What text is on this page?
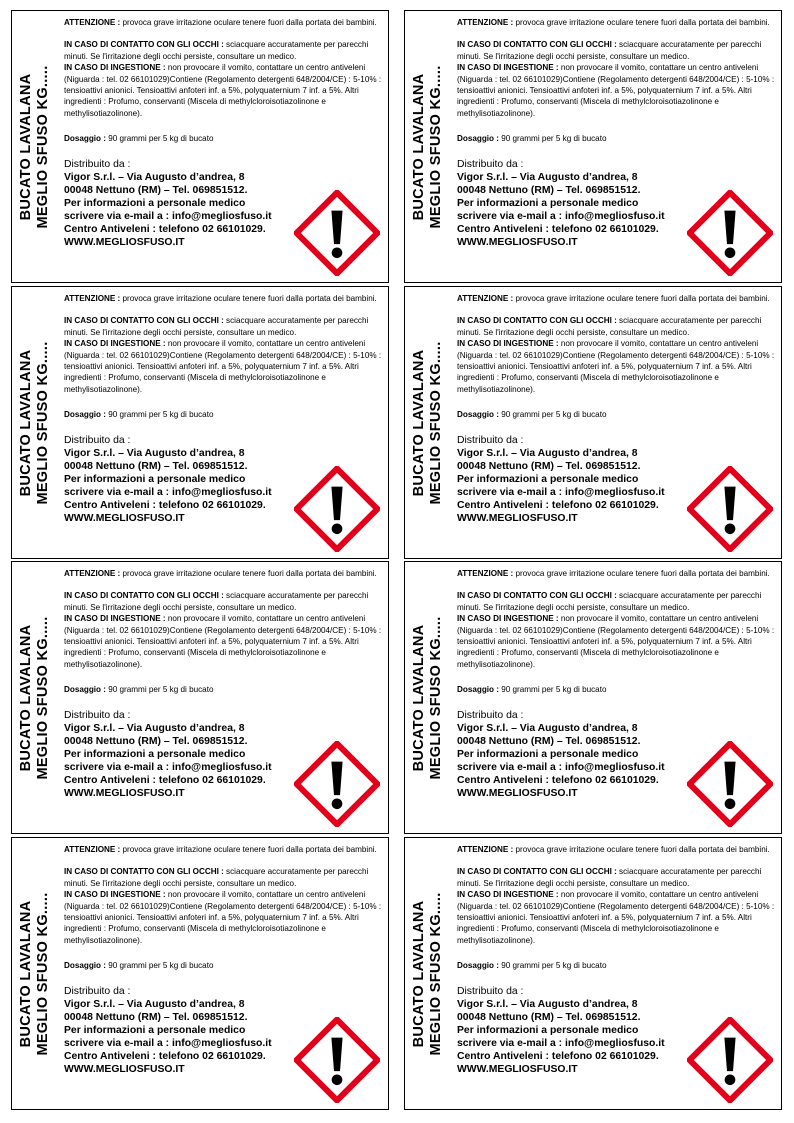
BUCATO LAVALANA MEGLIO SFUSO KG.....

ATTENZIONE : provoca grave irritazione oculare tenere fuori dalla portata dei bambini.

IN CASO DI CONTATTO CON GLI OCCHI : sciacquare accuratamente per parecchi minuti. Se l'irritazione degli occhi persiste, consultare un medico.

IN CASO DI INGESTIONE : non provocare il vomito, contattare un centro antiveleni (Niguarda : tel. 02 66101029)Contiene (Regolamento detergenti 648/2004/CE) : 5-10% : tensioattivi anionici. Tensioattivi anfoteri inf. a 5%, polyquaternium 7 inf. a 5%. Altri ingredienti : Profumo, conservanti (Miscela di methylcloroisotiazolinone e methylisotiazolinone).

Dosaggio : 90 grammi per 5 kg di bucato

Distribuito da :

Vigor S.r.l. – Via Augusto d’andrea, 8

00048 Nettuno (RM) – Tel. 069851512.

Per informazioni a personale medico

scrivere via e-mail a : info@megliosfuso.it

Centro Antiveleni : telefono 02 66101029.

WWW.MEGLIOSFUSO.IT

BUCATO LAVALANA MEGLIO SFUSO KG.....

ATTENZIONE : provoca grave irritazione oculare tenere fuori dalla portata dei bambini.

IN CASO DI CONTATTO CON GLI OCCHI : sciacquare accuratamente per parecchi minuti. Se l'irritazione degli occhi persiste, consultare un medico.

IN CASO DI INGESTIONE : non provocare il vomito, contattare un centro antiveleni (Niguarda : tel. 02 66101029)Contiene (Regolamento detergenti 648/2004/CE) : 5-10% : tensioattivi anionici. Tensioattivi anfoteri inf. a 5%, polyquaternium 7 inf. a 5%. Altri ingredienti : Profumo, conservanti (Miscela di methylcloroisotiazolinone e methylisotiazolinone).

Dosaggio : 90 grammi per 5 kg di bucato

Distribuito da :

Vigor S.r.l. – Via Augusto d’andrea, 8

00048 Nettuno (RM) – Tel. 069851512.

Per informazioni a personale medico

scrivere via e-mail a : info@megliosfuso.it

Centro Antiveleni : telefono 02 66101029.

WWW.MEGLIOSFUSO.IT

BUCATO LAVALANA MEGLIO SFUSO KG.....

ATTENZIONE : provoca grave irritazione oculare tenere fuori dalla portata dei bambini.

IN CASO DI CONTATTO CON GLI OCCHI : sciacquare accuratamente per parecchi minuti. Se l'irritazione degli occhi persiste, consultare un medico.

IN CASO DI INGESTIONE : non provocare il vomito, contattare un centro antiveleni (Niguarda : tel. 02 66101029)Contiene (Regolamento detergenti 648/2004/CE) : 5-10% : tensioattivi anionici. Tensioattivi anfoteri inf. a 5%, polyquaternium 7 inf. a 5%. Altri ingredienti : Profumo, conservanti (Miscela di methylcloroisotiazolinone e methylisotiazolinone).

Dosaggio : 90 grammi per 5 kg di bucato

Distribuito da :

Vigor S.r.l. – Via Augusto d’andrea, 8

00048 Nettuno (RM) – Tel. 069851512.

Per informazioni a personale medico

scrivere via e-mail a : info@megliosfuso.it

Centro Antiveleni : telefono 02 66101029.

WWW.MEGLIOSFUSO.IT

BUCATO LAVALANA MEGLIO SFUSO KG.....

ATTENZIONE : provoca grave irritazione oculare tenere fuori dalla portata dei bambini.

IN CASO DI CONTATTO CON GLI OCCHI : sciacquare accuratamente per parecchi minuti. Se l'irritazione degli occhi persiste, consultare un medico.

IN CASO DI INGESTIONE : non provocare il vomito, contattare un centro antiveleni (Niguarda : tel. 02 66101029)Contiene (Regolamento detergenti 648/2004/CE) : 5-10% : tensioattivi anionici. Tensioattivi anfoteri inf. a 5%, polyquaternium 7 inf. a 5%. Altri ingredienti : Profumo, conservanti (Miscela di methylcloroisotiazolinone e methylisotiazolinone).

Dosaggio : 90 grammi per 5 kg di bucato

Distribuito da :

Vigor S.r.l. – Via Augusto d’andrea, 8

00048 Nettuno (RM) – Tel. 069851512.

Per informazioni a personale medico

scrivere via e-mail a : info@megliosfuso.it

Centro Antiveleni : telefono 02 66101029.

WWW.MEGLIOSFUSO.IT

BUCATO LAVALANA MEGLIO SFUSO KG.....

ATTENZIONE : provoca grave irritazione oculare tenere fuori dalla portata dei bambini.

IN CASO DI CONTATTO CON GLI OCCHI : sciacquare accuratamente per parecchi minuti. Se l'irritazione degli occhi persiste, consultare un medico.

IN CASO DI INGESTIONE : non provocare il vomito, contattare un centro antiveleni (Niguarda : tel. 02 66101029)Contiene (Regolamento detergenti 648/2004/CE) : 5-10% : tensioattivi anionici. Tensioattivi anfoteri inf. a 5%, polyquaternium 7 inf. a 5%. Altri ingredienti : Profumo, conservanti (Miscela di methylcloroisotiazolinone e methylisotiazolinone).

Dosaggio : 90 grammi per 5 kg di bucato

Distribuito da :

Vigor S.r.l. – Via Augusto d’andrea, 8

00048 Nettuno (RM) – Tel. 069851512.

Per informazioni a personale medico

scrivere via e-mail a : info@megliosfuso.it

Centro Antiveleni : telefono 02 66101029.

WWW.MEGLIOSFUSO.IT

BUCATO LAVALANA MEGLIO SFUSO KG.....

ATTENZIONE : provoca grave irritazione oculare tenere fuori dalla portata dei bambini.

IN CASO DI CONTATTO CON GLI OCCHI : sciacquare accuratamente per parecchi minuti. Se l'irritazione degli occhi persiste, consultare un medico.

IN CASO DI INGESTIONE : non provocare il vomito, contattare un centro antiveleni (Niguarda : tel. 02 66101029)Contiene (Regolamento detergenti 648/2004/CE) : 5-10% : tensioattivi anionici. Tensioattivi anfoteri inf. a 5%, polyquaternium 7 inf. a 5%. Altri ingredienti : Profumo, conservanti (Miscela di methylcloroisotiazolinone e methylisotiazolinone).

Dosaggio : 90 grammi per 5 kg di bucato

Distribuito da :

Vigor S.r.l. – Via Augusto d’andrea, 8

00048 Nettuno (RM) – Tel. 069851512.

Per informazioni a personale medico

scrivere via e-mail a : info@megliosfuso.it

Centro Antiveleni : telefono 02 66101029.

WWW.MEGLIOSFUSO.IT

BUCATO LAVALANA MEGLIO SFUSO KG.....

ATTENZIONE : provoca grave irritazione oculare tenere fuori dalla portata dei bambini.

IN CASO DI CONTATTO CON GLI OCCHI : sciacquare accuratamente per parecchi minuti. Se l'irritazione degli occhi persiste, consultare un medico.

IN CASO DI INGESTIONE : non provocare il vomito, contattare un centro antiveleni (Niguarda : tel. 02 66101029)Contiene (Regolamento detergenti 648/2004/CE) : 5-10% : tensioattivi anionici. Tensioattivi anfoteri inf. a 5%, polyquaternium 7 inf. a 5%. Altri ingredienti : Profumo, conservanti (Miscela di methylcloroisotiazolinone e methylisotiazolinone).

Dosaggio : 90 grammi per 5 kg di bucato

Distribuito da :

Vigor S.r.l. – Via Augusto d’andrea, 8

00048 Nettuno (RM) – Tel. 069851512.

Per informazioni a personale medico

scrivere via e-mail a : info@megliosfuso.it

Centro Antiveleni : telefono 02 66101029.

WWW.MEGLIOSFUSO.IT

BUCATO LAVALANA MEGLIO SFUSO KG.....

ATTENZIONE : provoca grave irritazione oculare tenere fuori dalla portata dei bambini.

IN CASO DI CONTATTO CON GLI OCCHI : sciacquare accuratamente per parecchi minuti. Se l'irritazione degli occhi persiste, consultare un medico.

IN CASO DI INGESTIONE : non provocare il vomito, contattare un centro antiveleni (Niguarda : tel. 02 66101029)Contiene (Regolamento detergenti 648/2004/CE) : 5-10% : tensioattivi anionici. Tensioattivi anfoteri inf. a 5%, polyquaternium 7 inf. a 5%. Altri ingredienti : Profumo, conservanti (Miscela di methylcloroisotiazolinone e methylisotiazolinone).

Dosaggio : 90 grammi per 5 kg di bucato

Distribuito da :

Vigor S.r.l. – Via Augusto d’andrea, 8

00048 Nettuno (RM) – Tel. 069851512.

Per informazioni a personale medico

scrivere via e-mail a : info@megliosfuso.it

Centro Antiveleni : telefono 02 66101029.

WWW.MEGLIOSFUSO.IT
